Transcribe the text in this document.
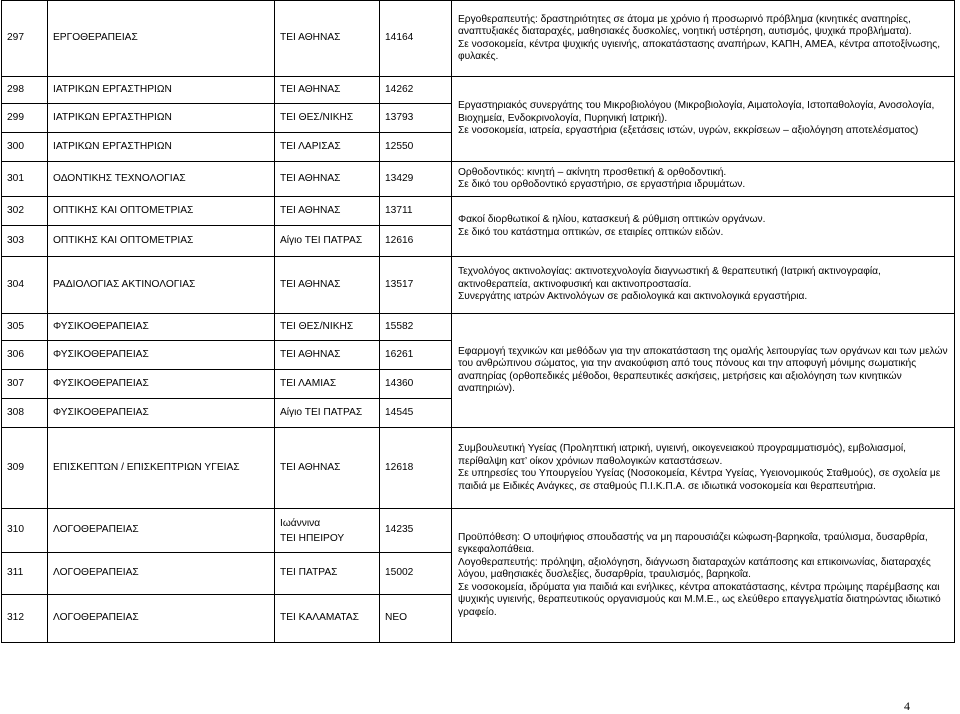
297	ΕΡΓΟΘΕΡΑΠΕΙΑΣ	ΤΕΙ ΑΘΗΝΑΣ	14164	Εργοθεραπευτής: δραστηριότητες σε άτομα με χρόνιο ή προσωρινό πρόβλημα (κινητικές αναπηρίες, αναπτυξιακές διαταραχές, μαθησιακές δυσκολίες, νοητική υστέρηση, αυτισμός, ψυχικά προβλήματα).
Σε νοσοκομεία, κέντρα ψυχικής υγιεινής, αποκατάστασης αναπήρων, ΚΑΠΗ, ΑΜΕΑ, κέντρα αποτοξίνωσης, φυλακές.

298	ΙΑΤΡΙΚΩΝ ΕΡΓΑΣΤΗΡΙΩΝ	ΤΕΙ ΑΘΗΝΑΣ	14262	Εργαστηριακός συνεργάτης του Μικροβιολόγου (Μικροβιολογία, Αιματολογία, Ιστοπαθολογία, Ανοσολογία, Βιοχημεία, Ενδοκρινολογία, Πυρηνική Ιατρική).
Σε νοσοκομεία, ιατρεία, εργαστήρια (εξετάσεις ιστών, υγρών, εκκρίσεων – αξιολόγηση αποτελέσματος)

299	ΙΑΤΡΙΚΩΝ ΕΡΓΑΣΤΗΡΙΩΝ	ΤΕΙ ΘΕΣ/ΝΙΚΗΣ	13793	
300	ΙΑΤΡΙΚΩΝ ΕΡΓΑΣΤΗΡΙΩΝ	ΤΕΙ ΛΑΡΙΣΑΣ	12550	
301	ΟΔΟΝΤΙΚΗΣ ΤΕΧΝΟΛΟΓΙΑΣ	ΤΕΙ ΑΘΗΝΑΣ	13429	Ορθοδοντικός: κινητή – ακίνητη προσθετική & ορθοδοντική.
Σε δικό του ορθοδοντικό εργαστήριο, σε εργαστήρια ιδρυμάτων.

302	ΟΠΤΙΚΗΣ ΚΑΙ ΟΠΤΟΜΕΤΡΙΑΣ	ΤΕΙ ΑΘΗΝΑΣ	13711	Φακοί διορθωτικοί & ηλίου, κατασκευή & ρύθμιση οπτικών οργάνων.
Σε δικό του κατάστημα οπτικών, σε εταιρίες οπτικών ειδών.

303	ΟΠΤΙΚΗΣ ΚΑΙ ΟΠΤΟΜΕΤΡΙΑΣ	Αίγιο ΤΕΙ ΠΑΤΡΑΣ	12616	
304	ΡΑΔΙΟΛΟΓΙΑΣ ΑΚΤΙΝΟΛΟΓΙΑΣ	ΤΕΙ ΑΘΗΝΑΣ	13517	Τεχνολόγος ακτινολογίας: ακτινοτεχνολογία διαγνωστική & θεραπευτική (Ιατρική ακτινογραφία, ακτινοθεραπεία, ακτινοφυσική και ακτινοπροστασία.
Συνεργάτης ιατρών Ακτινολόγων σε ραδιολογικά και ακτινολογικά εργαστήρια.

305	ΦΥΣΙΚΟΘΕΡΑΠΕΙΑΣ	ΤΕΙ ΘΕΣ/ΝΙΚΗΣ	15582	Εφαρμογή τεχνικών και μεθόδων για την αποκατάσταση της ομαλής λειτουργίας των οργάνων και των μελών του ανθρώπινου σώματος, για την ανακούφιση από τους πόνους και την αποφυγή μόνιμης σωματικής αναπηρίας (ορθοπεδικές μέθοδοι, θεραπευτικές ασκήσεις, μετρήσεις και αξιολόγηση των κινητικών αναπηριών).

306	ΦΥΣΙΚΟΘΕΡΑΠΕΙΑΣ	ΤΕΙ ΑΘΗΝΑΣ	16261	
307	ΦΥΣΙΚΟΘΕΡΑΠΕΙΑΣ	ΤΕΙ ΛΑΜΙΑΣ	14360	
308	ΦΥΣΙΚΟΘΕΡΑΠΕΙΑΣ	Αίγιο ΤΕΙ ΠΑΤΡΑΣ	14545	
309	ΕΠΙΣΚΕΠΤΩΝ / ΕΠΙΣΚΕΠΤΡΙΩΝ ΥΓΕΙΑΣ	ΤΕΙ ΑΘΗΝΑΣ	12618	Συμβουλευτική Υγείας (Προληπτική ιατρική, υγιεινή, οικογενειακού προγραμματισμός), εμβολιασμοί, περίθαλψη κατ’ οίκον χρόνιων παθολογικών καταστάσεων.
Σε υπηρεσίες του Υπουργείου Υγείας (Νοσοκομεία, Κέντρα Υγείας, Υγειονομικούς Σταθμούς), σε σχολεία με παιδιά με Ειδικές Ανάγκες, σε σταθμούς Π.Ι.Κ.Π.Α. σε ιδιωτικά νοσοκομεία και θεραπευτήρια.

310	ΛΟΓΟΘΕΡΑΠΕΙΑΣ	Ιωάννινα
ΤΕΙ ΗΠΕΙΡΟΥ	14235	Προϋπόθεση: Ο υποψήφιος σπουδαστής να μη παρουσιάζει κώφωση-βαρηκοΐα, τραύλισμα, δυσαρθρία, εγκεφαλοπάθεια.
Λογοθεραπευτής: πρόληψη, αξιολόγηση, διάγνωση διαταραχών κατάποσης και επικοινωνίας, διαταραχές λόγου, μαθησιακές δυσλεξίες, δυσαρθρία, τραυλισμός, βαρηκοΐα.
Σε νοσοκομεία, ιδρύματα για παιδιά και ενήλικες, κέντρα αποκατάστασης, κέντρα πρώιμης παρέμβασης και ψυχικής υγιεινής, θεραπευτικούς οργανισμούς και Μ.Μ.Ε., ως ελεύθερο επαγγελματία διατηρώντας ιδιωτικό γραφείο.

311	ΛΟΓΟΘΕΡΑΠΕΙΑΣ	ΤΕΙ ΠΑΤΡΑΣ	15002	
312	ΛΟΓΟΘΕΡΑΠΕΙΑΣ	ΤΕΙ ΚΑΛΑΜΑΤΑΣ	ΝΕΟ	
4
